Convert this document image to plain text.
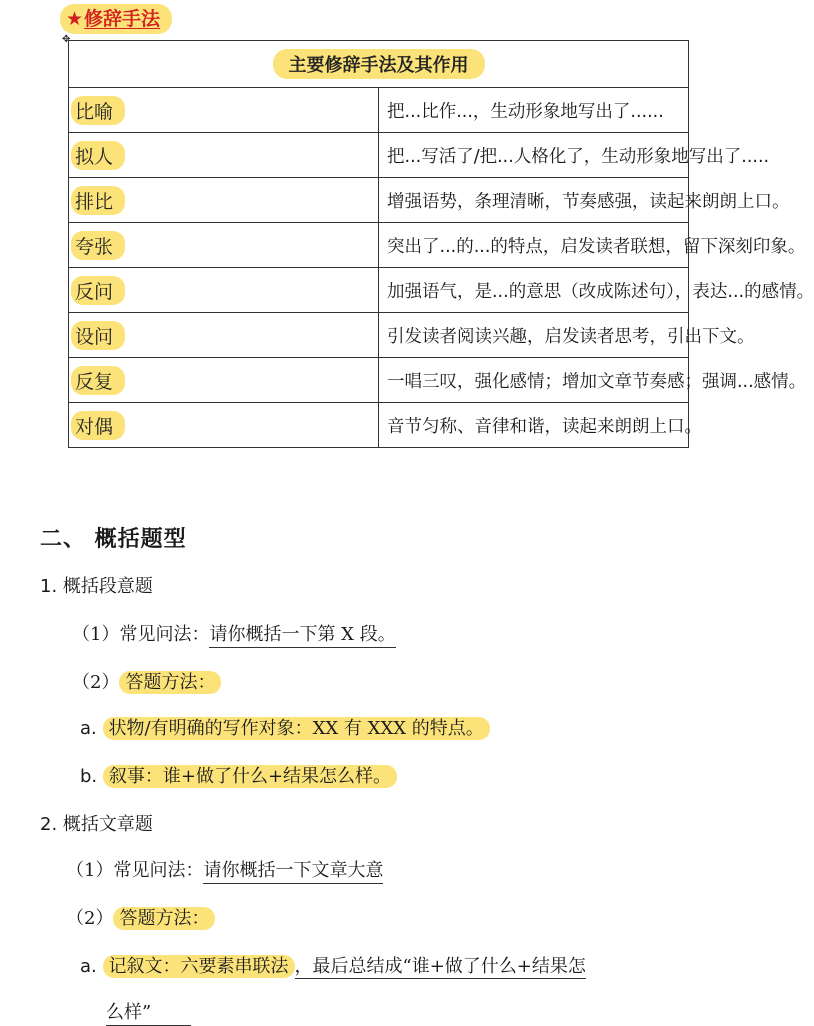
★修辞手法
✥
主要修辞手法及其作用	
比喻	把...比作...，生动形象地写出了......
拟人	把...写活了/把...人格化了，生动形象地写出了.....
排比	增强语势，条理清晰，节奏感强，读起来朗朗上口。
夸张	突出了...的...的特点，启发读者联想，留下深刻印象。
反问	加强语气，是...的意思（改成陈述句），表达...的感情。
设问	引发读者阅读兴趣，启发读者思考，引出下文。
反复	一唱三叹，强化感情；增加文章节奏感；强调...感情。
对偶	音节匀称、音律和谐，读起来朗朗上口。
二、 概括题型
1. 概括段意题
（1）常见问法：请你概括一下第 X 段。
（2） 答题方法：
a. 状物/有明确的写作对象：XX 有 XXX 的特点。
b. 叙事：谁+做了什么+结果怎么样。
2. 概括文章题
（1）常见问法：请你概括一下文章大意
（2） 答题方法：
a. 记叙文：六要素串联法 ，最后总结成“谁+做了什么+结果怎
么样”
